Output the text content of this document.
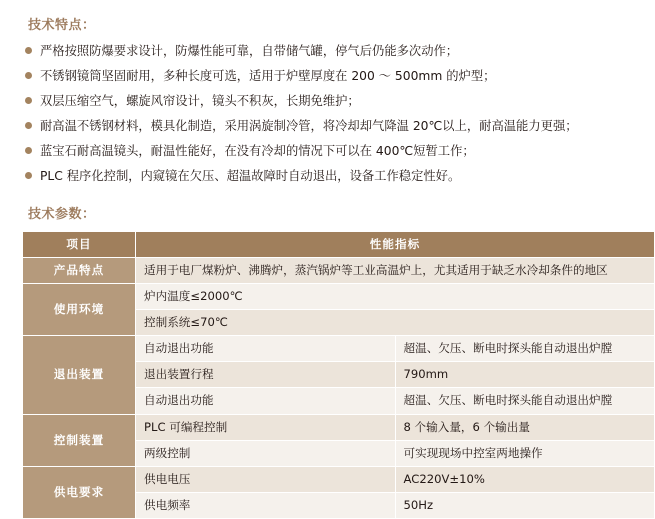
技术特点：
严格按照防爆要求设计，防爆性能可靠，自带储气罐，停气后仍能多次动作；
不锈钢镜筒坚固耐用，多种长度可选，适用于炉壁厚度在 200 ～ 500mm 的炉型；
双层压缩空气，螺旋风帘设计，镜头不积灰，长期免维护；
耐高温不锈钢材料，模具化制造，采用涡旋制冷管，将冷却却气降温 20℃以上，耐高温能力更强；
蓝宝石耐高温镜头，耐温性能好，在没有冷却的情况下可以在 400℃短暂工作；
PLC 程序化控制，内窥镜在欠压、超温故障时自动退出，设备工作稳定性好。
技术参数：
项目	性能指标	
产品特点	适用于电厂煤粉炉、沸腾炉，蒸汽锅炉等工业高温炉上，尤其适用于缺乏水冷却条件的地区	
使用环境	炉内温度≤2000℃	
	控制系统≤70℃	
退出装置	自动退出功能	超温、欠压、断电时探头能自动退出炉膛
	退出装置行程	790mm
	自动退出功能	超温、欠压、断电时探头能自动退出炉膛
控制装置	PLC 可编程控制	8 个输入量，6 个输出量
	两级控制	可实现现场中控室两地操作
供电要求	供电电压	AC220V±10%
	供电频率	50Hz
